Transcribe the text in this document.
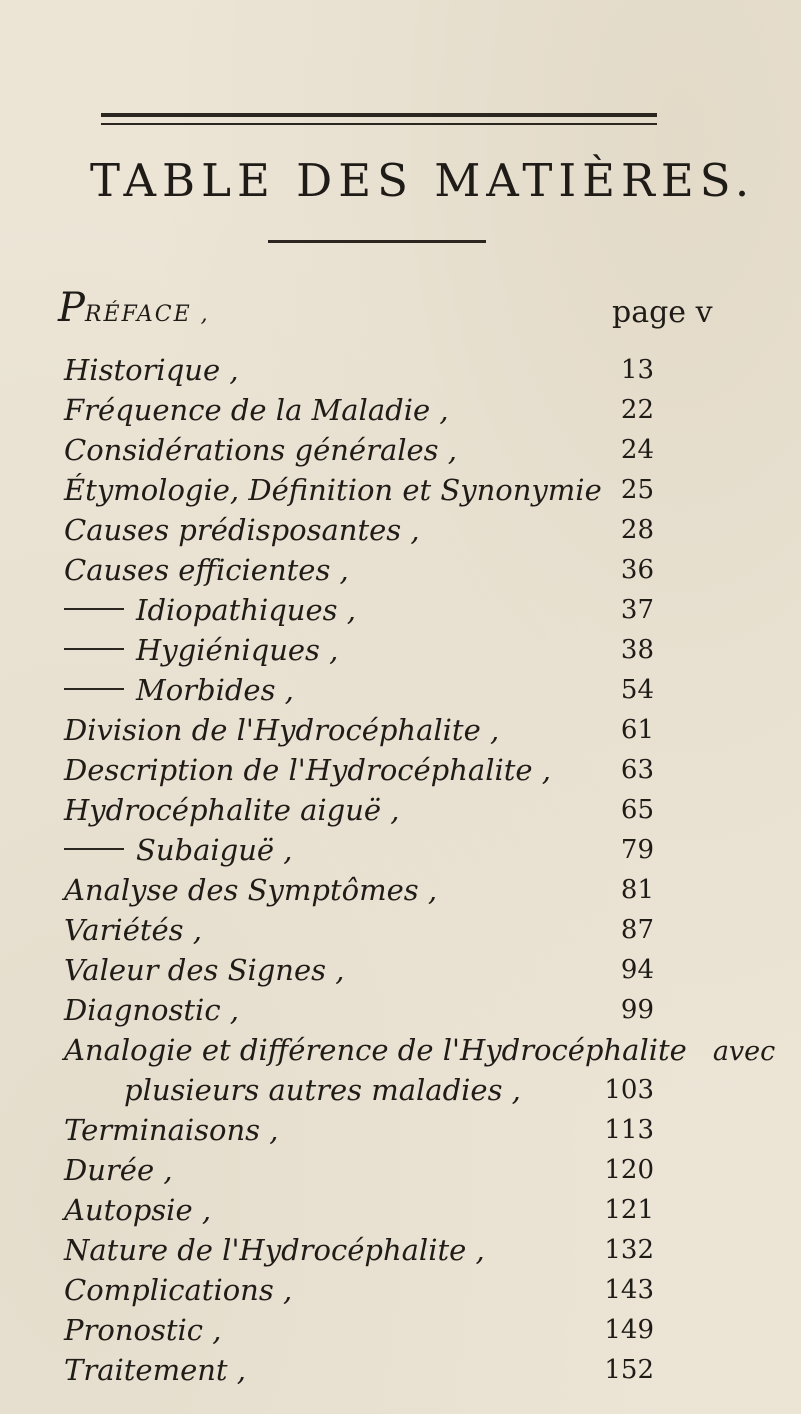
TABLE DES MATIÈRES.
PRÉFACE ,	page v
Historique ,	13
Fréquence de la Maladie ,	22
Considérations générales ,	24
Étymologie, Définition et Synonymie 25
Causes prédisposantes ,	28
Causes efficientes ,	36
Idiopathiques ,	37
Hygiéniques ,	38
Morbides ,	54
Division de l'Hydrocéphalite ,	61
Description de l'Hydrocéphalite ,	63
Hydrocéphalite aiguë ,	65
Subaiguë ,	79
Analyse des Symptômes ,	81
Variétés ,	87
Valeur des Signes ,	94
Diagnostic ,	99
Analogie et différence de l'Hydrocéphalite avec
plusieurs autres maladies ,	103
Terminaisons ,	113
Durée ,	120
Autopsie ,	121
Nature de l'Hydrocéphalite ,	132
Complications ,	143
Pronostic ,	149
Traitement ,	152
